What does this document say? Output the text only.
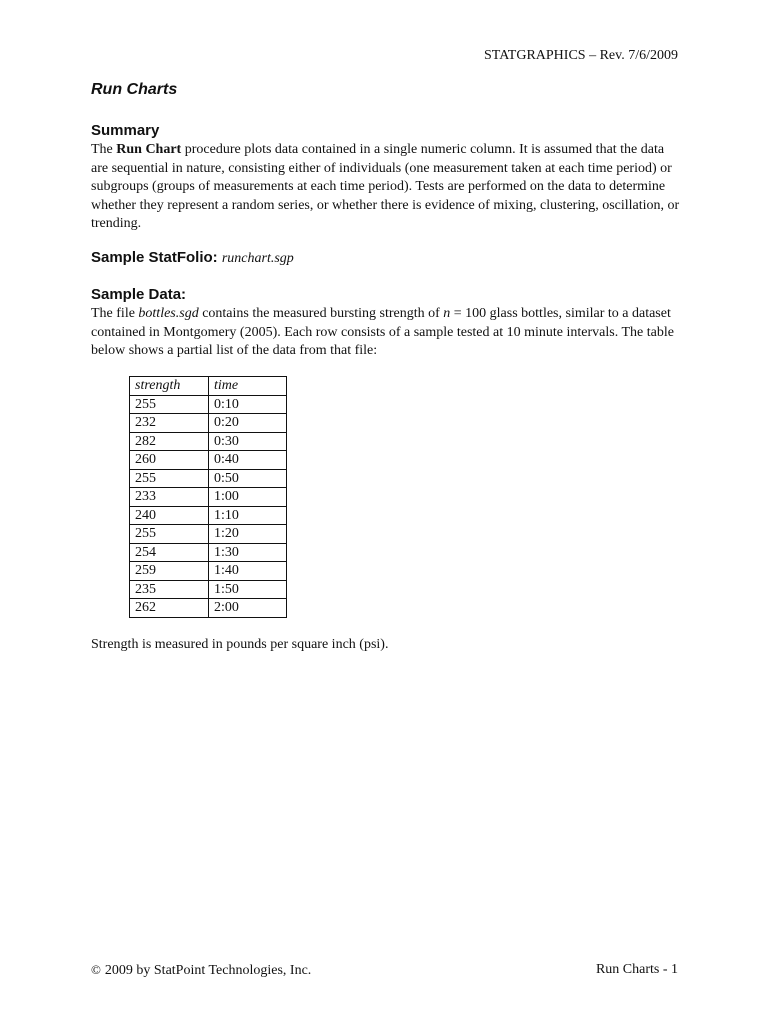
STATGRAPHICS – Rev. 7/6/2009
Run Charts
Summary

The Run Chart procedure plots data contained in a single numeric column. It is assumed that the data are sequential in nature, consisting either of individuals (one measurement taken at each time period) or subgroups (groups of measurements at each time period). Tests are performed on the data to determine whether they represent a random series, or whether there is evidence of mixing, clustering, oscillation, or trending.

Sample StatFolio: runchart.sgp
Sample Data:

The file bottles.sgd contains the measured bursting strength of n = 100 glass bottles, similar to a dataset contained in Montgomery (2005). Each row consists of a sample tested at 10 minute intervals. The table below shows a partial list of the data from that file:

strength	time
255	0:10
232	0:20
282	0:30
260	0:40
255	0:50
233	1:00
240	1:10
255	1:20
254	1:30
259	1:40
235	1:50
262	2:00

Strength is measured in pounds per square inch (psi).

© 2009 by StatPoint Technologies, Inc.	Run Charts - 1
